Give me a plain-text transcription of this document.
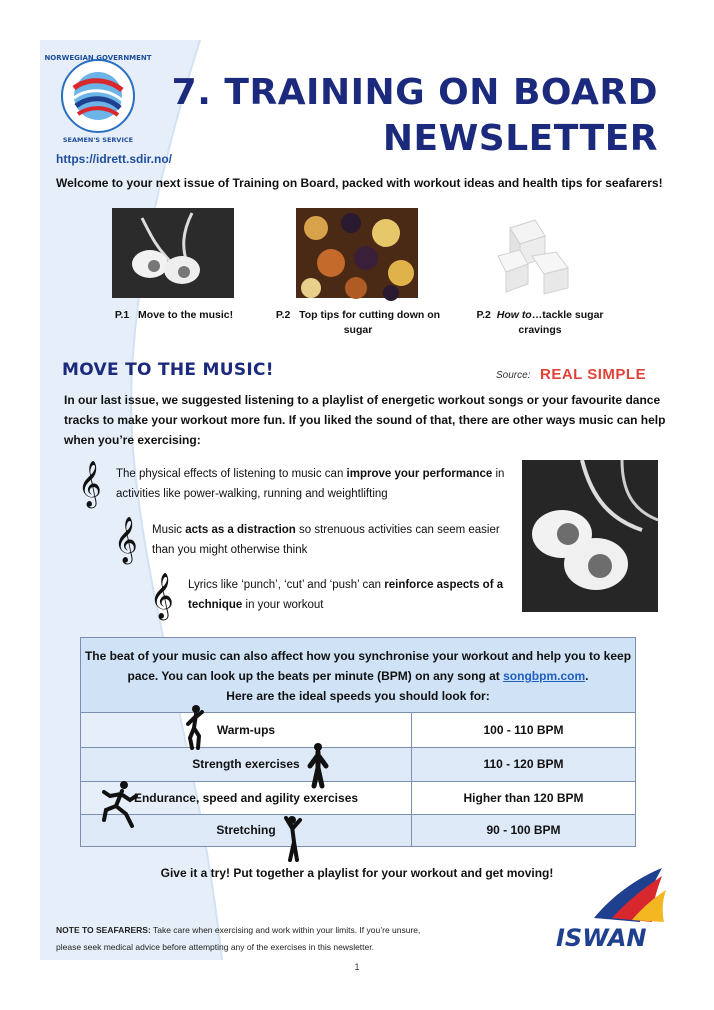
NORWEGIAN GOVERNMENT
SEAMEN'S SERVICE
https://idrett.sdir.no/
7. TRAINING ON BOARD
NEWSLETTER
Welcome to your next issue of Training on Board, packed with workout ideas and health tips for seafarers!
P.1 Move to the music!	P.2 Top tips for cutting down on sugar
P.2 How to…tackle sugar cravings
MOVE TO THE MUSIC!	Source: REAL SIMPLE
In our last issue, we suggested listening to a playlist of energetic workout songs or your favourite dance tracks to make your workout more fun. If you liked the sound of that, there are other ways music can help when you’re exercising:
𝄞 The physical effects of listening to music can improve your performance in activities like power-walking, running and weightlifting
𝄞 Music acts as a distraction so strenuous activities can seem easier than you might otherwise think
𝄞 Lyrics like ‘punch’, ‘cut’ and ‘push’ can reinforce aspects of a technique in your workout
The beat of your music can also affect how you synchronise your workout and help you to keep
pace. You can look up the beats per minute (BPM) on any song at songbpm.com.
Here are the ideal speeds you should look for:
Warm-ups	100 - 110 BPM
Strength exercises	110 - 120 BPM
Endurance, speed and agility exercises	Higher than 120 BPM
Stretching	90 - 100 BPM
Give it a try! Put together a playlist for your workout and get moving!
NOTE TO SEAFARERS: Take care when exercising and work within your limits. If you’re unsure, please seek medical advice before attempting any of the exercises in this newsletter.	ISWAN
1
